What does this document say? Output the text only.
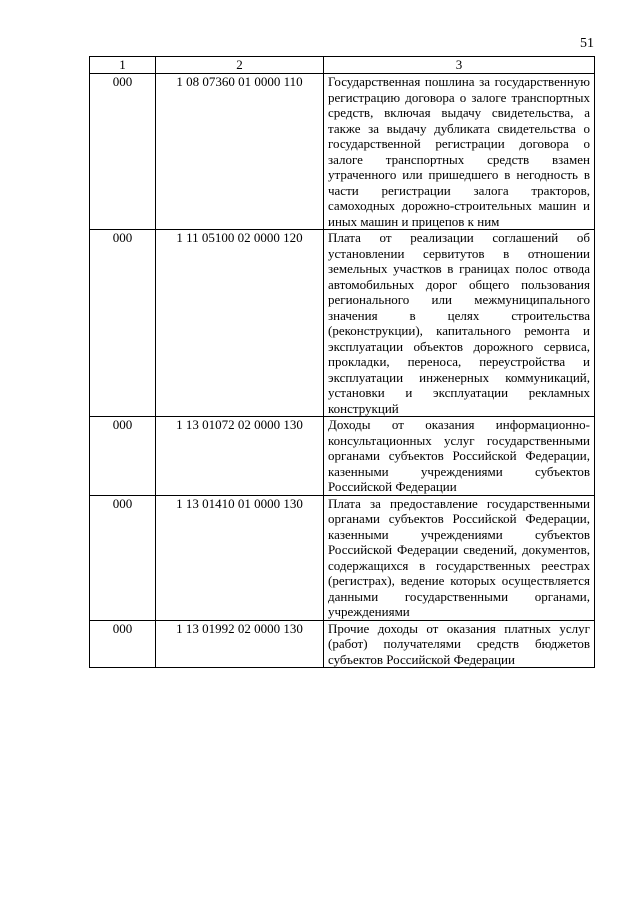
51
1	2	3
000	1 08 07360 01 0000 110	Государственная пошлина за государственную регистрацию договора о залоге транспортных средств, включая выдачу свидетельства, а также за выдачу дубликата свидетельства о государственной регистрации договора о залоге транспортных средств взамен утраченного или пришедшего в негодность в части регистрации залога тракторов, самоходных дорожно-строительных машин и иных машин и прицепов к ним
000	1 11 05100 02 0000 120	Плата от реализации соглашений об установлении сервитутов в отношении земельных участков в границах полос отвода автомобильных дорог общего пользования регионального или межмуниципального значения в целях строительства (реконструкции), капитального ремонта и эксплуатации объектов дорожного сервиса, прокладки, переноса, переустройства и эксплуатации инженерных коммуникаций, установки и эксплуатации рекламных конструкций
000	1 13 01072 02 0000 130	Доходы от оказания информационно-консультационных услуг государственными органами субъектов Российской Федерации, казенными учреждениями субъектов Российской Федерации
000	1 13 01410 01 0000 130	Плата за предоставление государственными органами субъектов Российской Федерации, казенными учреждениями субъектов Российской Федерации сведений, документов, содержащихся в государственных реестрах (регистрах), ведение которых осуществляется данными государственными органами, учреждениями
000	1 13 01992 02 0000 130	Прочие доходы от оказания платных услуг (работ) получателями средств бюджетов субъектов Российской Федерации
